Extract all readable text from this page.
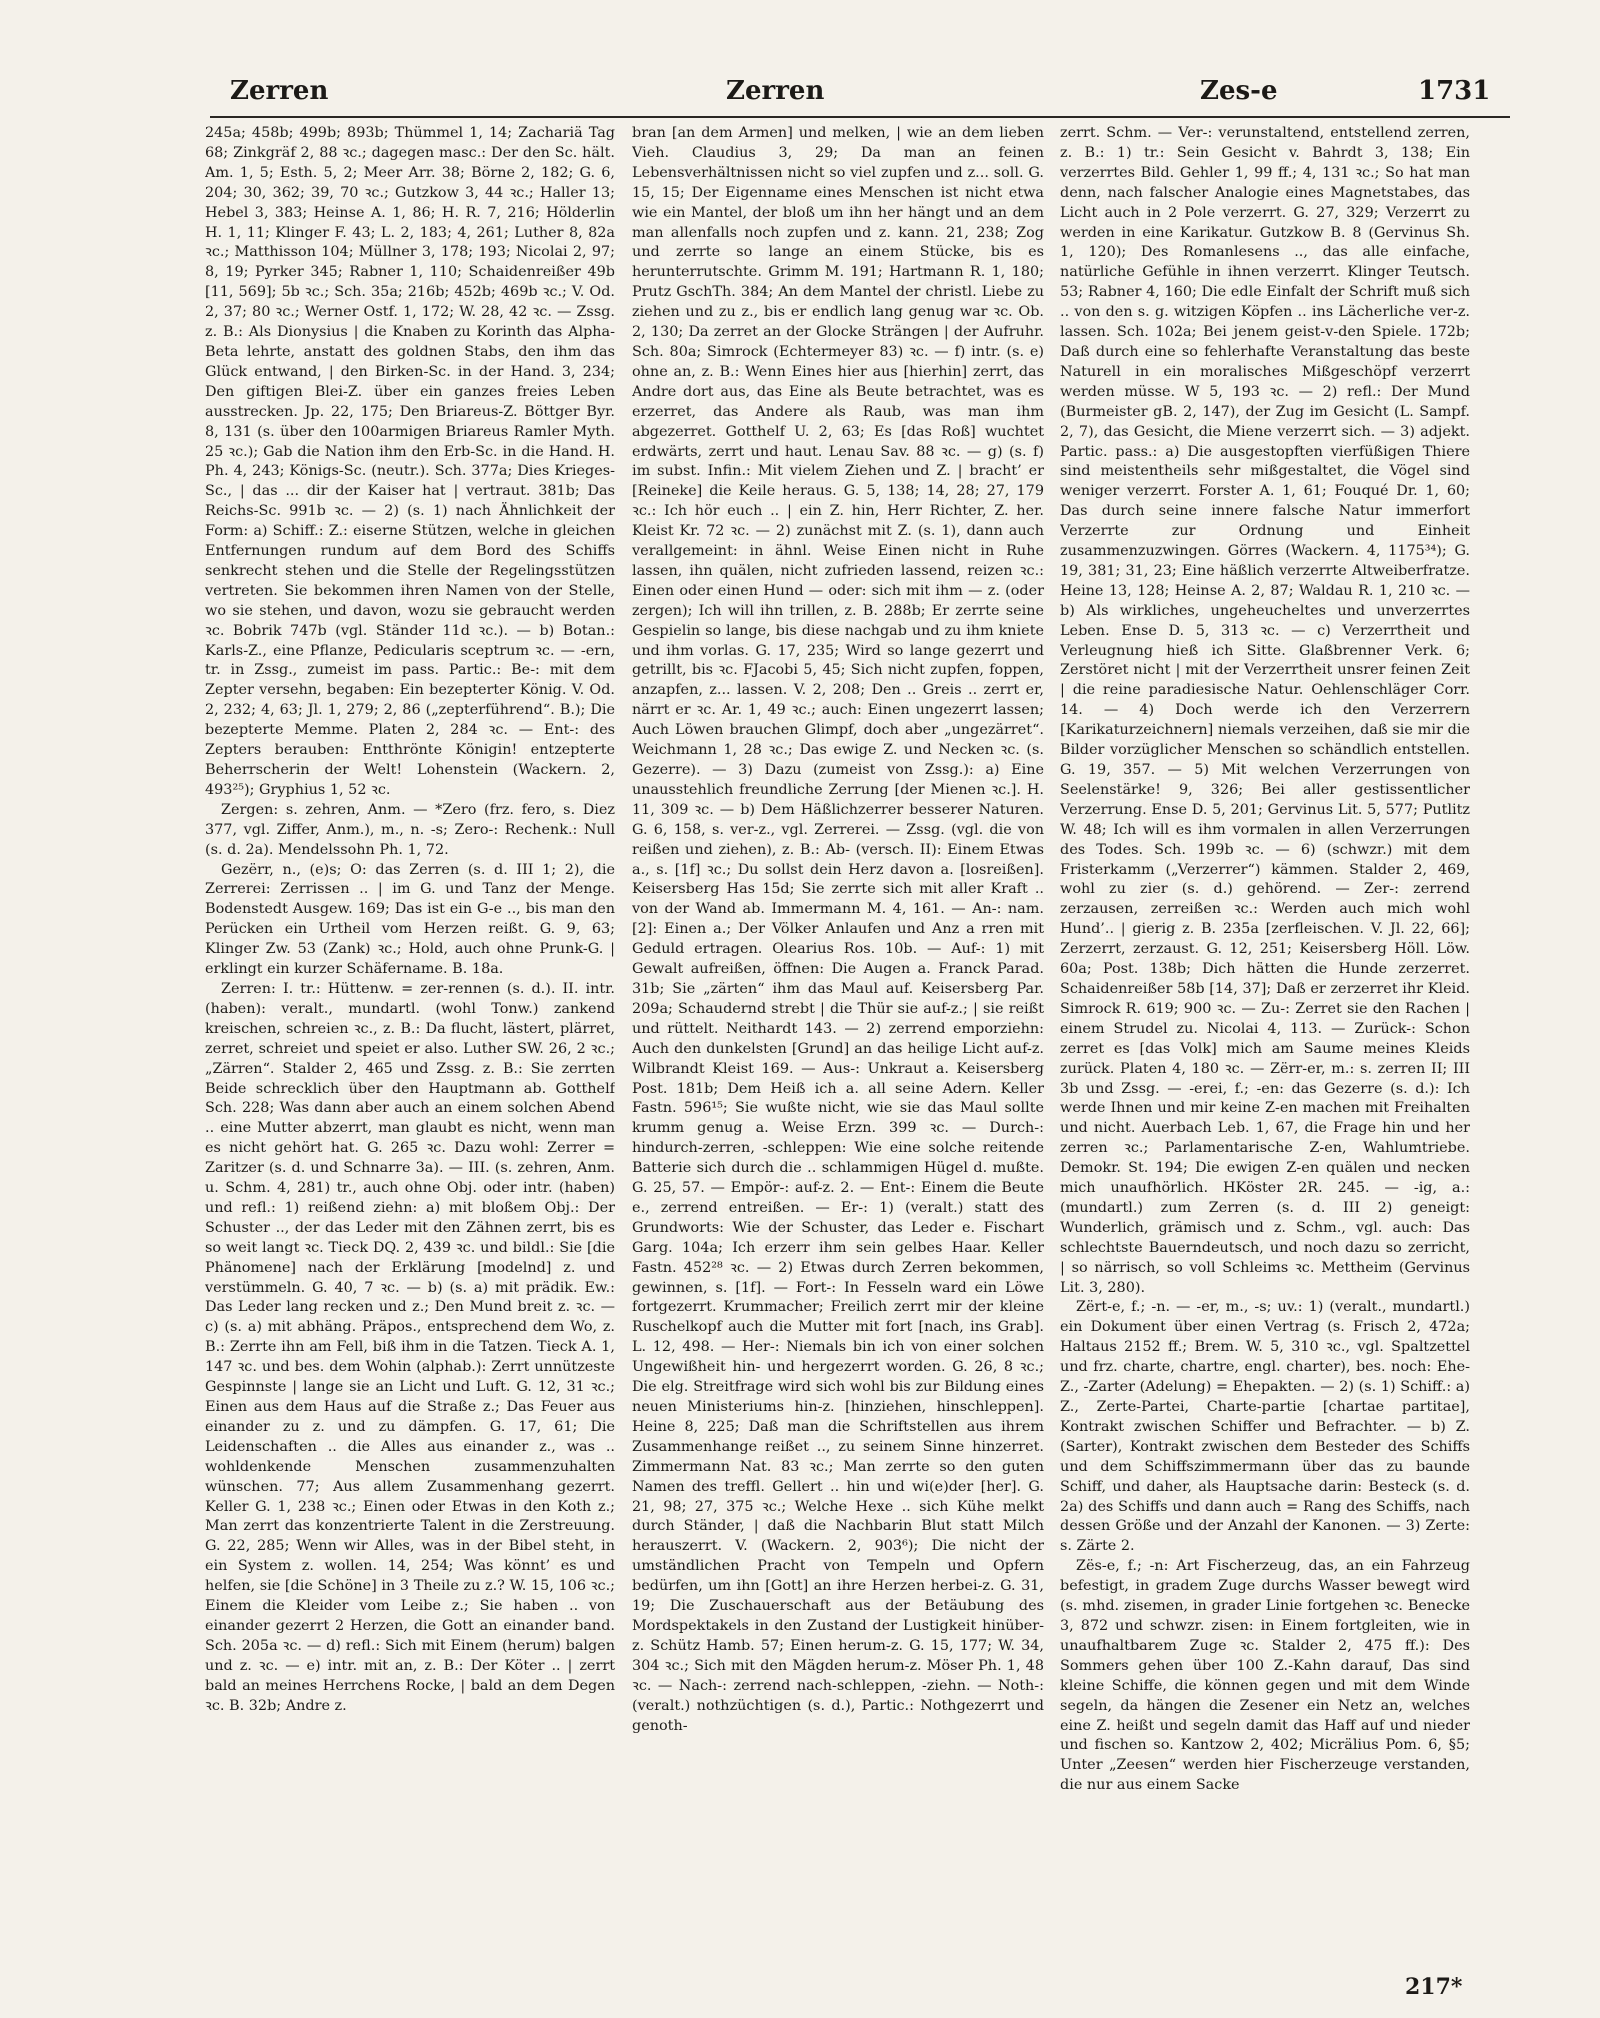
Zerren	Zerren	Zes-e	1731

245a; 458b; 499b; 893b; Thümmel 1, 14; Zachariä Tag 68; Zinkgräf 2, 88 ꝛc.; dagegen masc.: Der den Sc. hält. Am. 1, 5; Esth. 5, 2; Meer Arr. 38; Börne 2, 182; G. 6, 204; 30, 362; 39, 70 ꝛc.; Gutzkow 3, 44 ꝛc.; Haller 13; Hebel 3, 383; Heinse A. 1, 86; H. R. 7, 216; Hölderlin H. 1, 11; Klinger F. 43; L. 2, 183; 4, 261; Luther 8, 82a ꝛc.; Matthisson 104; Müllner 3, 178; 193; Nicolai 2, 97; 8, 19; Pyrker 345; Rabner 1, 110; Schaidenreißer 49b [11, 569]; 5b ꝛc.; Sch. 35a; 216b; 452b; 469b ꝛc.; V. Od. 2, 37; 80 ꝛc.; Werner Ostf. 1, 172; W. 28, 42 ꝛc. — Zssg. z. B.: Als Dionysius | die Knaben zu Korinth das Alpha-Beta lehrte, anstatt des goldnen Stabs, den ihm das Glück entwand, | den Birken-Sc. in der Hand. 3, 234; Den giftigen Blei-Z. über ein ganzes freies Leben ausstrecken. Jp. 22, 175; Den Briareus-Z. Böttger Byr. 8, 131 (s. über den 100armigen Briareus Ramler Myth. 25 ꝛc.); Gab die Nation ihm den Erb-Sc. in die Hand. H. Ph. 4, 243; Königs-Sc. (neutr.). Sch. 377a; Dies Krieges-Sc., | das ... dir der Kaiser hat | vertraut. 381b; Das Reichs-Sc. 991b ꝛc. — 2) (s. 1) nach Ähnlichkeit der Form: a) Schiff.: Z.: eiserne Stützen, welche in gleichen Entfernungen rundum auf dem Bord des Schiffs senkrecht stehen und die Stelle der Regelingsstützen vertreten. Sie bekommen ihren Namen von der Stelle, wo sie stehen, und davon, wozu sie gebraucht werden ꝛc. Bobrik 747b (vgl. Ständer 11d ꝛc.). — b) Botan.: Karls-Z., eine Pflanze, Pedicularis sceptrum ꝛc. — -ern, tr. in Zssg., zumeist im pass. Partic.: Be-: mit dem Zepter versehn, begaben: Ein bezepterter König. V. Od. 2, 232; 4, 63; Jl. 1, 279; 2, 86 („zepterführend“. B.); Die bezepterte Memme. Platen 2, 284 ꝛc. — Ent-: des Zepters berauben: Entthrönte Königin! entzepterte Beherrscherin der Welt! Lohenstein (Wackern. 2, 493²⁵); Gryphius 1, 52 ꝛc.

Zergen: s. zehren, Anm. — *Zero (frz. fero, s. Diez 377, vgl. Ziffer, Anm.), m., n. -s; Zero-: Rechenk.: Null (s. d. 2a). Mendelssohn Ph. 1, 72.

Gezërr, n., (e)s; O: das Zerren (s. d. III 1; 2), die Zerrerei: Zerrissen .. | im G. und Tanz der Menge. Bodenstedt Ausgew. 169; Das ist ein G-e .., bis man den Perücken ein Urtheil vom Herzen reißt. G. 9, 63; Klinger Zw. 53 (Zank) ꝛc.; Hold, auch ohne Prunk-G. | erklingt ein kurzer Schäfername. B. 18a.

Zerren: I. tr.: Hüttenw. = zer-rennen (s. d.). II. intr. (haben): veralt., mundartl. (wohl Tonw.) zankend kreischen, schreien ꝛc., z. B.: Da flucht, lästert, plärret, zerret, schreiet und speiet er also. Luther SW. 26, 2 ꝛc.; „Zärren“. Stalder 2, 465 und Zssg. z. B.: Sie zerrten Beide schrecklich über den Hauptmann ab. Gotthelf Sch. 228; Was dann aber auch an einem solchen Abend .. eine Mutter abzerrt, man glaubt es nicht, wenn man es nicht gehört hat. G. 265 ꝛc. Dazu wohl: Zerrer = Zaritzer (s. d. und Schnarre 3a). — III. (s. zehren, Anm. u. Schm. 4, 281) tr., auch ohne Obj. oder intr. (haben) und refl.: 1) reißend ziehn: a) mit bloßem Obj.: Der Schuster .., der das Leder mit den Zähnen zerrt, bis es so weit langt ꝛc. Tieck DQ. 2, 439 ꝛc. und bildl.: Sie [die Phänomene] nach der Erklärung [modelnd] z. und verstümmeln. G. 40, 7 ꝛc. — b) (s. a) mit prädik. Ew.: Das Leder lang recken und z.; Den Mund breit z. ꝛc. — c) (s. a) mit abhäng. Präpos., entsprechend dem Wo, z. B.: Zerrte ihn am Fell, biß ihm in die Tatzen. Tieck A. 1, 147 ꝛc. und bes. dem Wohin (alphab.): Zerrt unnützeste Gespinnste | lange sie an Licht und Luft. G. 12, 31 ꝛc.; Einen aus dem Haus auf die Straße z.; Das Feuer aus einander zu z. und zu dämpfen. G. 17, 61; Die Leidenschaften .. die Alles aus einander z., was .. wohldenkende Menschen zusammenzuhalten wünschen. 77; Aus allem Zusammenhang gezerrt. Keller G. 1, 238 ꝛc.; Einen oder Etwas in den Koth z.; Man zerrt das konzentrierte Talent in die Zerstreuung. G. 22, 285; Wenn wir Alles, was in der Bibel steht, in ein System z. wollen. 14, 254; Was könnt’ es und helfen, sie [die Schöne] in 3 Theile zu z.? W. 15, 106 ꝛc.; Einem die Kleider vom Leibe z.; Sie haben .. von einander gezerrt 2 Herzen, die Gott an einander band. Sch. 205a ꝛc. — d) refl.: Sich mit Einem (herum) balgen und z. ꝛc. — e) intr. mit an, z. B.: Der Köter .. | zerrt bald an meines Herrchens Rocke, | bald an dem Degen ꝛc. B. 32b; Andre z.

bran [an dem Armen] und melken, | wie an dem lieben Vieh. Claudius 3, 29; Da man an feinen Lebensverhältnissen nicht so viel zupfen und z... soll. G. 15, 15; Der Eigenname eines Menschen ist nicht etwa wie ein Mantel, der bloß um ihn her hängt und an dem man allenfalls noch zupfen und z. kann. 21, 238; Zog und zerrte so lange an einem Stücke, bis es herunterrutschte. Grimm M. 191; Hartmann R. 1, 180; Prutz GschTh. 384; An dem Mantel der christl. Liebe zu ziehen und zu z., bis er endlich lang genug war ꝛc. Ob. 2, 130; Da zerret an der Glocke Strängen | der Aufruhr. Sch. 80a; Simrock (Echtermeyer 83) ꝛc. — f) intr. (s. e) ohne an, z. B.: Wenn Eines hier aus [hierhin] zerrt, das Andre dort aus, das Eine als Beute betrachtet, was es erzerret, das Andere als Raub, was man ihm abgezerret. Gotthelf U. 2, 63; Es [das Roß] wuchtet erdwärts, zerrt und haut. Lenau Sav. 88 ꝛc. — g) (s. f) im subst. Infin.: Mit vielem Ziehen und Z. | bracht’ er [Reineke] die Keile heraus. G. 5, 138; 14, 28; 27, 179 ꝛc.: Ich hör euch .. | ein Z. hin, Herr Richter, Z. her. Kleist Kr. 72 ꝛc. — 2) zunächst mit Z. (s. 1), dann auch verallgemeint: in ähnl. Weise Einen nicht in Ruhe lassen, ihn quälen, nicht zufrieden lassend, reizen ꝛc.: Einen oder einen Hund — oder: sich mit ihm — z. (oder zergen); Ich will ihn trillen, z. B. 288b; Er zerrte seine Gespielin so lange, bis diese nachgab und zu ihm kniete und ihm vorlas. G. 17, 235; Wird so lange gezerrt und getrillt, bis ꝛc. FJacobi 5, 45; Sich nicht zupfen, foppen, anzapfen, z... lassen. V. 2, 208; Den .. Greis .. zerrt er, närrt er ꝛc. Ar. 1, 49 ꝛc.; auch: Einen ungezerrt lassen; Auch Löwen brauchen Glimpf, doch aber „ungezärret“. Weichmann 1, 28 ꝛc.; Das ewige Z. und Necken ꝛc. (s. Gezerre). — 3) Dazu (zumeist von Zssg.): a) Eine unausstehlich freundliche Zerrung [der Mienen ꝛc.]. H. 11, 309 ꝛc. — b) Dem Häßlichzerrer besserer Naturen. G. 6, 158, s. ver-z., vgl. Zerrerei. — Zssg. (vgl. die von reißen und ziehen), z. B.: Ab- (versch. II): Einem Etwas a., s. [1f] ꝛc.; Du sollst dein Herz davon a. [losreißen]. Keisersberg Has 15d; Sie zerrte sich mit aller Kraft .. von der Wand ab. Immermann M. 4, 161. — An-: nam. [2]: Einen a.; Der Völker Anlaufen und Anz a rren mit Geduld ertragen. Olearius Ros. 10b. — Auf-: 1) mit Gewalt aufreißen, öffnen: Die Augen a. Franck Parad. 31b; Sie „zärten“ ihm das Maul auf. Keisersberg Par. 209a; Schaudernd strebt | die Thür sie auf-z.; | sie reißt und rüttelt. Neithardt 143. — 2) zerrend emporziehn: Auch den dunkelsten [Grund] an das heilige Licht auf-z. Wilbrandt Kleist 169. — Aus-: Unkraut a. Keisersberg Post. 181b; Dem Heiß ich a. all seine Adern. Keller Fastn. 596¹⁵; Sie wußte nicht, wie sie das Maul sollte krumm genug a. Weise Erzn. 399 ꝛc. — Durch-: hindurch-zerren, -schleppen: Wie eine solche reitende Batterie sich durch die .. schlammigen Hügel d. mußte. G. 25, 57. — Empör-: auf-z. 2. — Ent-: Einem die Beute e., zerrend entreißen. — Er-: 1) (veralt.) statt des Grundworts: Wie der Schuster, das Leder e. Fischart Garg. 104a; Ich erzerr ihm sein gelbes Haar. Keller Fastn. 452²⁸ ꝛc. — 2) Etwas durch Zerren bekommen, gewinnen, s. [1f]. — Fort-: In Fesseln ward ein Löwe fortgezerrt. Krummacher; Freilich zerrt mir der kleine Ruschelkopf auch die Mutter mit fort [nach, ins Grab]. L. 12, 498. — Her-: Niemals bin ich von einer solchen Ungewißheit hin- und hergezerrt worden. G. 26, 8 ꝛc.; Die elg. Streitfrage wird sich wohl bis zur Bildung eines neuen Ministeriums hin-z. [hinziehen, hinschleppen]. Heine 8, 225; Daß man die Schriftstellen aus ihrem Zusammenhange reißet .., zu seinem Sinne hinzerret. Zimmermann Nat. 83 ꝛc.; Man zerrte so den guten Namen des treffl. Gellert .. hin und wi(e)der [her]. G. 21, 98; 27, 375 ꝛc.; Welche Hexe .. sich Kühe melkt durch Ständer, | daß die Nachbarin Blut statt Milch herauszerrt. V. (Wackern. 2, 903⁶); Die nicht der umständlichen Pracht von Tempeln und Opfern bedürfen, um ihn [Gott] an ihre Herzen herbei-z. G. 31, 19; Die Zuschauerschaft aus der Betäubung des Mordspektakels in den Zustand der Lustigkeit hinüber-z. Schütz Hamb. 57; Einen herum-z. G. 15, 177; W. 34, 304 ꝛc.; Sich mit den Mägden herum-z. Möser Ph. 1, 48 ꝛc. — Nach-: zerrend nach-schleppen, -ziehn. — Noth-: (veralt.) nothzüchtigen (s. d.), Partic.: Nothgezerrt und genoth-

zerrt. Schm. — Ver-: verunstaltend, entstellend zerren, z. B.: 1) tr.: Sein Gesicht v. Bahrdt 3, 138; Ein verzerrtes Bild. Gehler 1, 99 ff.; 4, 131 ꝛc.; So hat man denn, nach falscher Analogie eines Magnetstabes, das Licht auch in 2 Pole verzerrt. G. 27, 329; Verzerrt zu werden in eine Karikatur. Gutzkow B. 8 (Gervinus Sh. 1, 120); Des Romanlesens .., das alle einfache, natürliche Gefühle in ihnen verzerrt. Klinger Teutsch. 53; Rabner 4, 160; Die edle Einfalt der Schrift muß sich .. von den s. g. witzigen Köpfen .. ins Lächerliche ver-z. lassen. Sch. 102a; Bei jenem geist-v-den Spiele. 172b; Daß durch eine so fehlerhafte Veranstaltung das beste Naturell in ein moralisches Mißgeschöpf verzerrt werden müsse. W 5, 193 ꝛc. — 2) refl.: Der Mund (Burmeister gB. 2, 147), der Zug im Gesicht (L. Sampf. 2, 7), das Gesicht, die Miene verzerrt sich. — 3) adjekt. Partic. pass.: a) Die ausgestopften vierfüßigen Thiere sind meistentheils sehr mißgestaltet, die Vögel sind weniger verzerrt. Forster A. 1, 61; Fouqué Dr. 1, 60; Das durch seine innere falsche Natur immerfort Verzerrte zur Ordnung und Einheit zusammenzuzwingen. Görres (Wackern. 4, 1175³⁴); G. 19, 381; 31, 23; Eine häßlich verzerrte Altweiberfratze. Heine 13, 128; Heinse A. 2, 87; Waldau R. 1, 210 ꝛc. — b) Als wirkliches, ungeheucheltes und unverzerrtes Leben. Ense D. 5, 313 ꝛc. — c) Verzerrtheit und Verleugnung hieß ich Sitte. Glaßbrenner Verk. 6; Zerstöret nicht | mit der Verzerrtheit unsrer feinen Zeit | die reine paradiesische Natur. Oehlenschläger Corr. 14. — 4) Doch werde ich den Verzerrern [Karikaturzeichnern] niemals verzeihen, daß sie mir die Bilder vorzüglicher Menschen so schändlich entstellen. G. 19, 357. — 5) Mit welchen Verzerrungen von Seelenstärke! 9, 326; Bei aller gestissentlicher Verzerrung. Ense D. 5, 201; Gervinus Lit. 5, 577; Putlitz W. 48; Ich will es ihm vormalen in allen Verzerrungen des Todes. Sch. 199b ꝛc. — 6) (schwzr.) mit dem Fristerkamm („Verzerrer“) kämmen. Stalder 2, 469, wohl zu zier (s. d.) gehörend. — Zer-: zerrend zerzausen, zerreißen ꝛc.: Werden auch mich wohl Hund’.. | gierig z. B. 235a [zerfleischen. V. Jl. 22, 66]; Zerzerrt, zerzaust. G. 12, 251; Keisersberg Höll. Löw. 60a; Post. 138b; Dich hätten die Hunde zerzerret. Schaidenreißer 58b [14, 37]; Daß er zerzerret ihr Kleid. Simrock R. 619; 900 ꝛc. — Zu-: Zerret sie den Rachen | einem Strudel zu. Nicolai 4, 113. — Zurück-: Schon zerret es [das Volk] mich am Saume meines Kleids zurück. Platen 4, 180 ꝛc. — Zërr-er, m.: s. zerren II; III 3b und Zssg. — -erei, f.; -en: das Gezerre (s. d.): Ich werde Ihnen und mir keine Z-en machen mit Freihalten und nicht. Auerbach Leb. 1, 67, die Frage hin und her zerren ꝛc.; Parlamentarische Z-en, Wahlumtriebe. Demokr. St. 194; Die ewigen Z-en quälen und necken mich unaufhörlich. HKöster 2R. 245. — -ig, a.: (mundartl.) zum Zerren (s. d. III 2) geneigt: Wunderlich, grämisch und z. Schm., vgl. auch: Das schlechtste Bauerndeutsch, und noch dazu so zerricht, | so närrisch, so voll Schleims ꝛc. Mettheim (Gervinus Lit. 3, 280).

Zërt-e, f.; -n. — -er, m., -s; uv.: 1) (veralt., mundartl.) ein Dokument über einen Vertrag (s. Frisch 2, 472a; Haltaus 2152 ff.; Brem. W. 5, 310 ꝛc., vgl. Spaltzettel und frz. charte, chartre, engl. charter), bes. noch: Ehe-Z., -Zarter (Adelung) = Ehepakten. — 2) (s. 1) Schiff.: a) Z., Zerte-Partei, Charte-partie [chartae partitae], Kontrakt zwischen Schiffer und Befrachter. — b) Z. (Sarter), Kontrakt zwischen dem Besteder des Schiffs und dem Schiffszimmermann über das zu baunde Schiff, und daher, als Hauptsache darin: Besteck (s. d. 2a) des Schiffs und dann auch = Rang des Schiffs, nach dessen Größe und der Anzahl der Kanonen. — 3) Zerte: s. Zärte 2.

Zës-e, f.; -n: Art Fischerzeug, das, an ein Fahrzeug befestigt, in gradem Zuge durchs Wasser bewegt wird (s. mhd. zisemen, in grader Linie fortgehen ꝛc. Benecke 3, 872 und schwzr. zisen: in Einem fortgleiten, wie in unaufhaltbarem Zuge ꝛc. Stalder 2, 475 ff.): Des Sommers gehen über 100 Z.-Kahn darauf, Das sind kleine Schiffe, die können gegen und mit dem Winde segeln, da hängen die Zesener ein Netz an, welches eine Z. heißt und segeln damit das Haff auf und nieder und fischen so. Kantzow 2, 402; Micrälius Pom. 6, §5; Unter „Zeesen“ werden hier Fischerzeuge verstanden, die nur aus einem Sacke

217*
